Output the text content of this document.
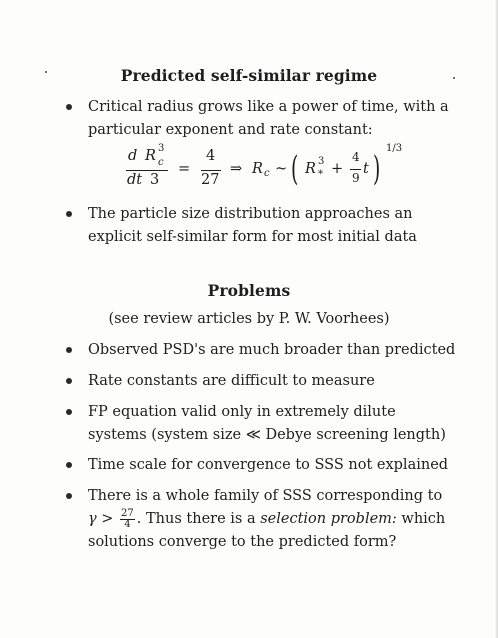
Predicted self-similar regime
Critical radius grows like a power of time, with a
particular exponent and rate constant:
d R 3
c
dt 3
=
4
27
⇒ R c ~ ( R 3
* +
4
9
t )
1/3
The particle size distribution approaches an
explicit self-similar form for most initial data
Problems
(see review articles by P. W. Voorhees)
Observed PSD's are much broader than predicted
Rate constants are difficult to measure
FP equation valid only in extremely dilute
systems (system size ≪ Debye screening length)
Time scale for convergence to SSS not explained
There is a whole family of SSS corresponding to
$\gamma > \frac{27}{4}$ . Thus there is a selection problem: which
solutions converge to the predicted form?
